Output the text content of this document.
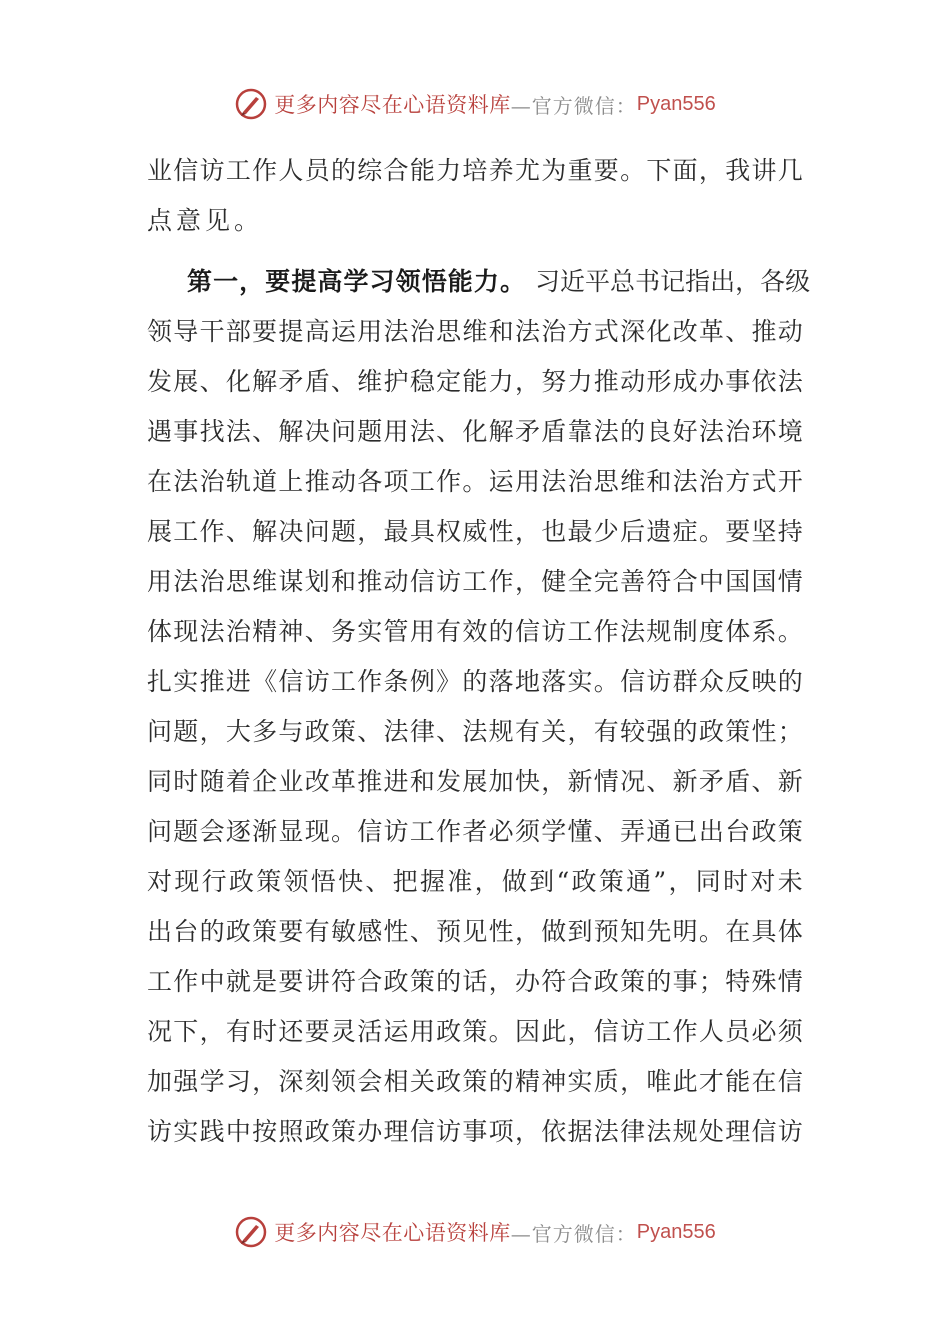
更多内容尽在心语资料库 —官方微信： Pyan556
业 信 访 工 作 人 员 的 综 合 能 力 培 养 尤 为 重 要 。 下 面 ， 我 讲 几
点意见。
第 一 ， 要 提 高 学 习 领 悟 能 力 。 习 近 平 总 书 记 指 出 ， 各 级
领 导 干 部 要 提 高 运 用 法 治 思 维 和 法 治 方 式 深 化 改 革 、 推 动
发 展 、 化 解 矛 盾 、 维 护 稳 定 能 力 ， 努 力 推 动 形 成 办 事 依 法
遇 事 找 法 、 解 决 问 题 用 法 、 化 解 矛 盾 靠 法 的 良 好 法 治 环 境
在 法 治 轨 道 上 推 动 各 项 工 作 。 运 用 法 治 思 维 和 法 治 方 式 开
展 工 作 、 解 决 问 题 ， 最 具 权 威 性 ， 也 最 少 后 遗 症 。 要 坚 持
用 法 治 思 维 谋 划 和 推 动 信 访 工 作 ， 健 全 完 善 符 合 中 国 国 情
体 现 法 治 精 神 、 务 实 管 用 有 效 的 信 访 工 作 法 规 制 度 体 系 。
扎 实 推 进 《 信 访 工 作 条 例 》 的 落 地 落 实 。 信 访 群 众 反 映 的
问 题 ， 大 多 与 政 策 、 法 律 、 法 规 有 关 ， 有 较 强 的 政 策 性 ；
同 时 随 着 企 业 改 革 推 进 和 发 展 加 快 ， 新 情 况 、 新 矛 盾 、 新
问 题 会 逐 渐 显 现 。 信 访 工 作 者 必 须 学 懂 、 弄 通 已 出 台 政 策
对 现 行 政 策 领 悟 快 、 把 握 准 ， 做 到 “ 政 策 通 ” ， 同 时 对 未
出 台 的 政 策 要 有 敏 感 性 、 预 见 性 ， 做 到 预 知 先 明 。 在 具 体
工 作 中 就 是 要 讲 符 合 政 策 的 话 ， 办 符 合 政 策 的 事 ； 特 殊 情
况 下 ， 有 时 还 要 灵 活 运 用 政 策 。 因 此 ， 信 访 工 作 人 员 必 须
加 强 学 习 ， 深 刻 领 会 相 关 政 策 的 精 神 实 质 ， 唯 此 才 能 在 信
访 实 践 中 按 照 政 策 办 理 信 访 事 项 ， 依 据 法 律 法 规 处 理 信 访
更多内容尽在心语资料库 —官方微信： Pyan556
